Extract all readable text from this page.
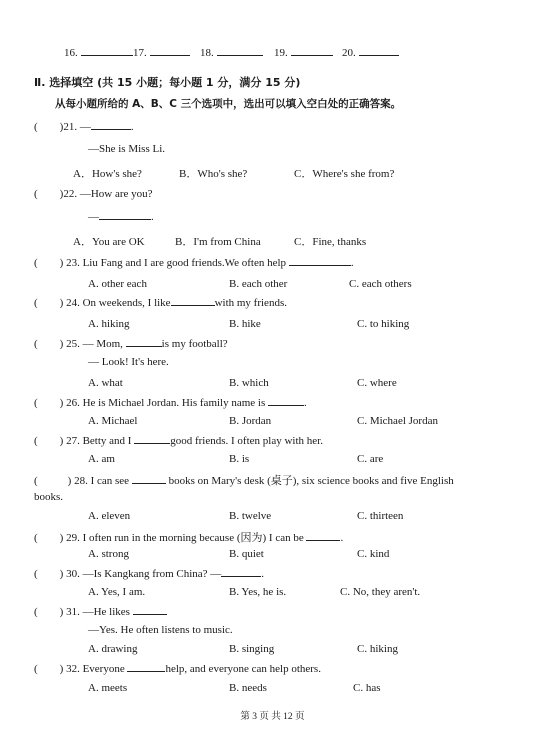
16.	17.	18.	19.	20.
Ⅱ. 选择填空 (共 15 小题；每小题 1 分，满分 15 分)
从每小题所给的 A、B、C 三个选项中，选出可以填入空白处的正确答案。
( )21. —	.
—She is Miss Li.
A．How's she?	B．Who's she?	C．Where's she from?
( )22. —How are you?
—	.
A．You are OK	B．I'm from China	C．Fine, thanks
( ) 23. Liu Fang and I are good friends.We often help	.
A. other each	B. each other	C. each others
( ) 24. On weekends, I like	with my friends.
A. hiking	B. hike	C. to hiking
( ) 25. — Mom,	is my football?
— Look! It's here.
A. what	B. which	C. where
( ) 26. He is Michael Jordan. His family name is	.
A. Michael	B. Jordan	C. Michael Jordan
( ) 27. Betty and I	good friends. I often play with her.
A. am	B. is	C. are
(	) 28. I can see	books on Mary's desk (桌子), six science books and five English
books.
A. eleven	B. twelve	C. thirteen
( ) 29. I often run in the morning because (因为) I can be	.
A. strong	B. quiet	C. kind
( ) 30. —Is Kangkang from China? —	.
A. Yes, I am.	B. Yes, he is.	C. No, they aren't.
( ) 31. —He likes
—Yes. He often listens to music.
A. drawing	B. singing	C. hiking
( ) 32. Everyone	help, and everyone can help others.
A. meets	B. needs	C. has
第 3 页 共 12 页
